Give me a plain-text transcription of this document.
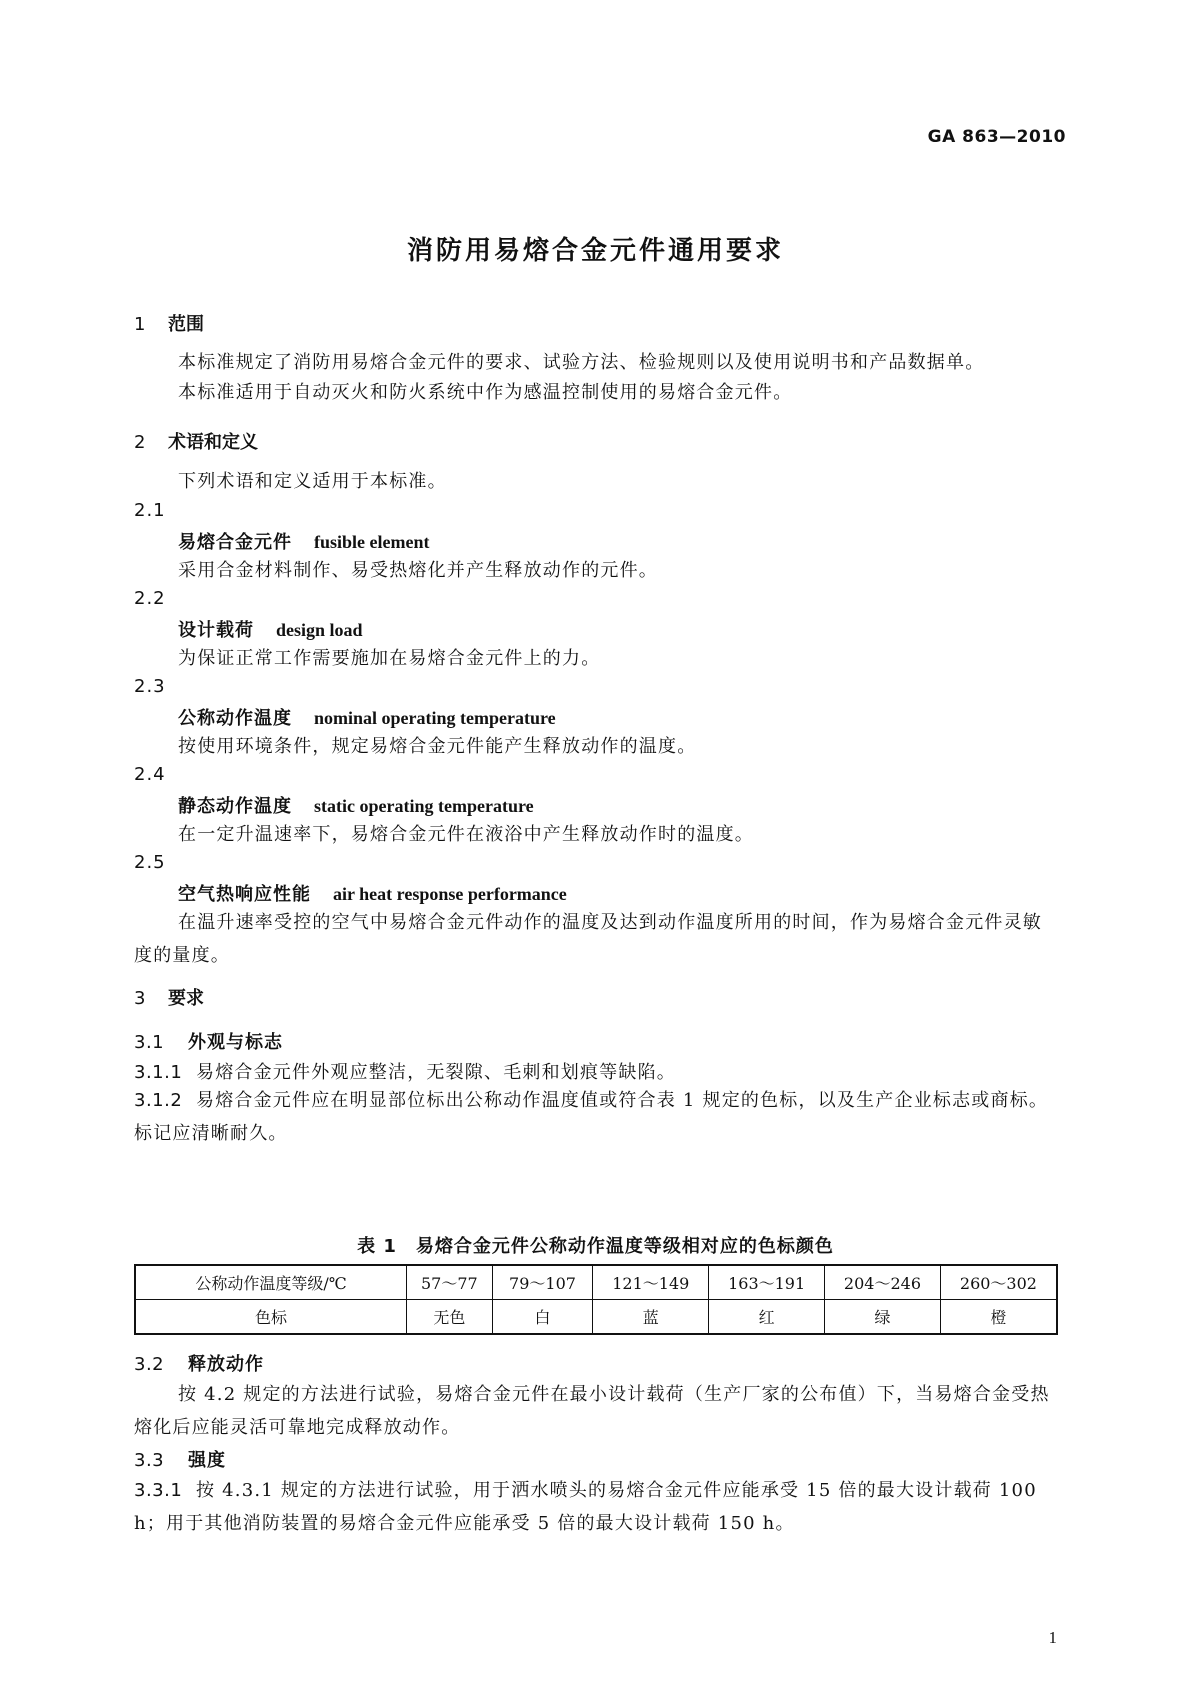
GA 863—2010
消防用易熔合金元件通用要求
1 范围
本标准规定了消防用易熔合金元件的要求、试验方法、检验规则以及使用说明书和产品数据单。
本标准适用于自动灭火和防火系统中作为感温控制使用的易熔合金元件。
2 术语和定义
下列术语和定义适用于本标准。
2.1
易熔合金元件 fusible element
采用合金材料制作、易受热熔化并产生释放动作的元件。
2.2
设计载荷 design load
为保证正常工作需要施加在易熔合金元件上的力。
2.3
公称动作温度 nominal operating temperature
按使用环境条件，规定易熔合金元件能产生释放动作的温度。
2.4
静态动作温度 static operating temperature
在一定升温速率下，易熔合金元件在液浴中产生释放动作时的温度。
2.5
空气热响应性能 air heat response performance
在温升速率受控的空气中易熔合金元件动作的温度及达到动作温度所用的时间，作为易熔合金元件灵敏度的量度。
3 要求
3.1 外观与标志
3.1.1 易熔合金元件外观应整洁，无裂隙、毛刺和划痕等缺陷。
3.1.2 易熔合金元件应在明显部位标出公称动作温度值或符合表 1 规定的色标，以及生产企业标志或商标。标记应清晰耐久。
表 1　易熔合金元件公称动作温度等级相对应的色标颜色
公称动作温度等级/℃	57～77	79～107	121～149	163～191	204～246	260～302
色标	无色	白	蓝	红	绿	橙
3.2 释放动作
按 4.2 规定的方法进行试验，易熔合金元件在最小设计载荷（生产厂家的公布值）下，当易熔合金受热熔化后应能灵活可靠地完成释放动作。
3.3 强度
3.3.1 按 4.3.1 规定的方法进行试验，用于洒水喷头的易熔合金元件应能承受 15 倍的最大设计载荷 100 h；用于其他消防装置的易熔合金元件应能承受 5 倍的最大设计载荷 150 h。
1
